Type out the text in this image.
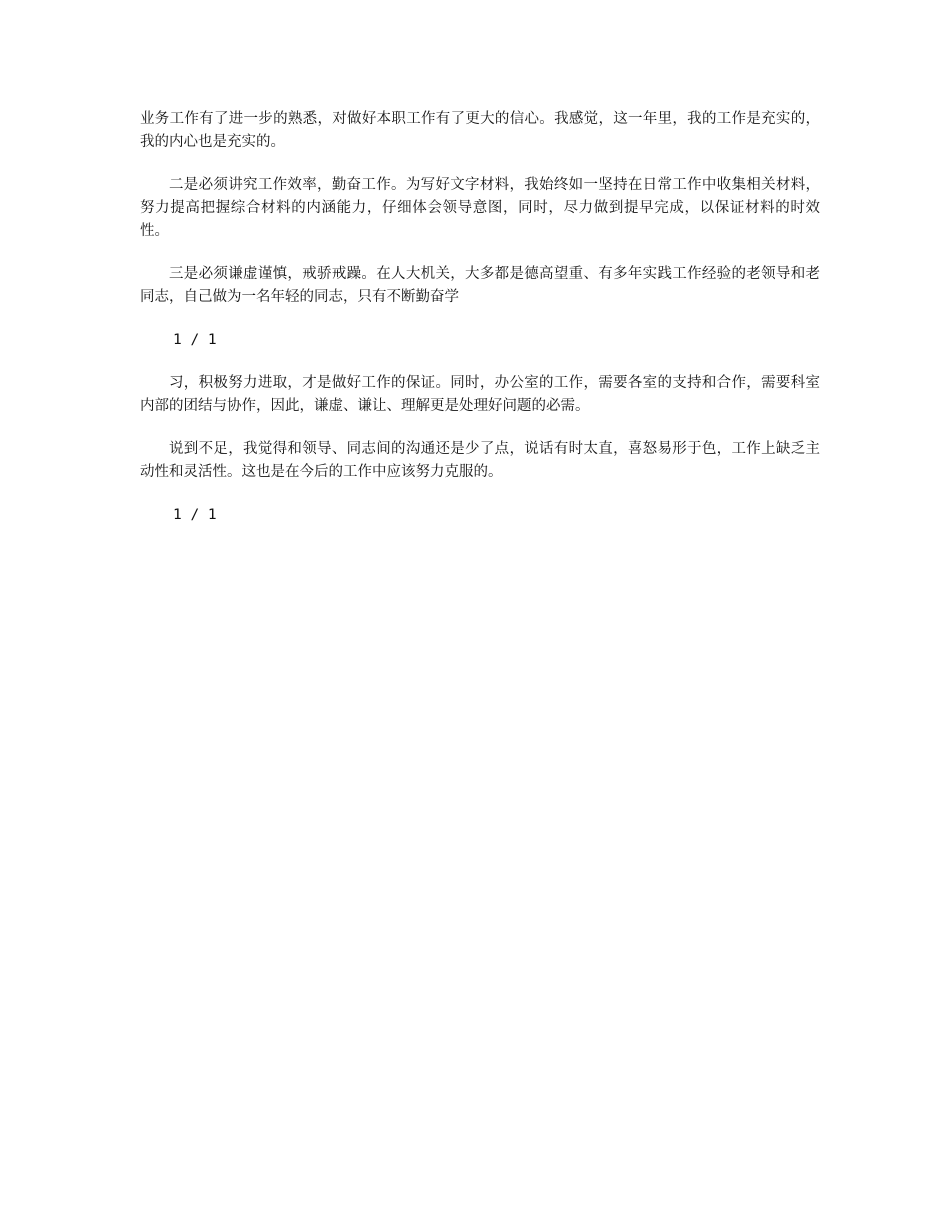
业务工作有了进一步的熟悉，对做好本职工作有了更大的信心。我感觉，这一年里，我的工作是充实的，我的内心也是充实的。

二是必须讲究工作效率，勤奋工作。为写好文字材料，我始终如一坚持在日常工作中收集相关材料，努力提高把握综合材料的内涵能力，仔细体会领导意图，同时，尽力做到提早完成，以保证材料的时效性。

三是必须谦虚谨慎，戒骄戒躁。在人大机关，大多都是德高望重、有多年实践工作经验的老领导和老同志，自己做为一名年轻的同志，只有不断勤奋学

1 / 1

习，积极努力进取，才是做好工作的保证。同时，办公室的工作，需要各室的支持和合作，需要科室内部的团结与协作，因此，谦虚、谦让、理解更是处理好问题的必需。

说到不足，我觉得和领导、同志间的沟通还是少了点，说话有时太直，喜怒易形于色，工作上缺乏主动性和灵活性。这也是在今后的工作中应该努力克服的。

1 / 1
